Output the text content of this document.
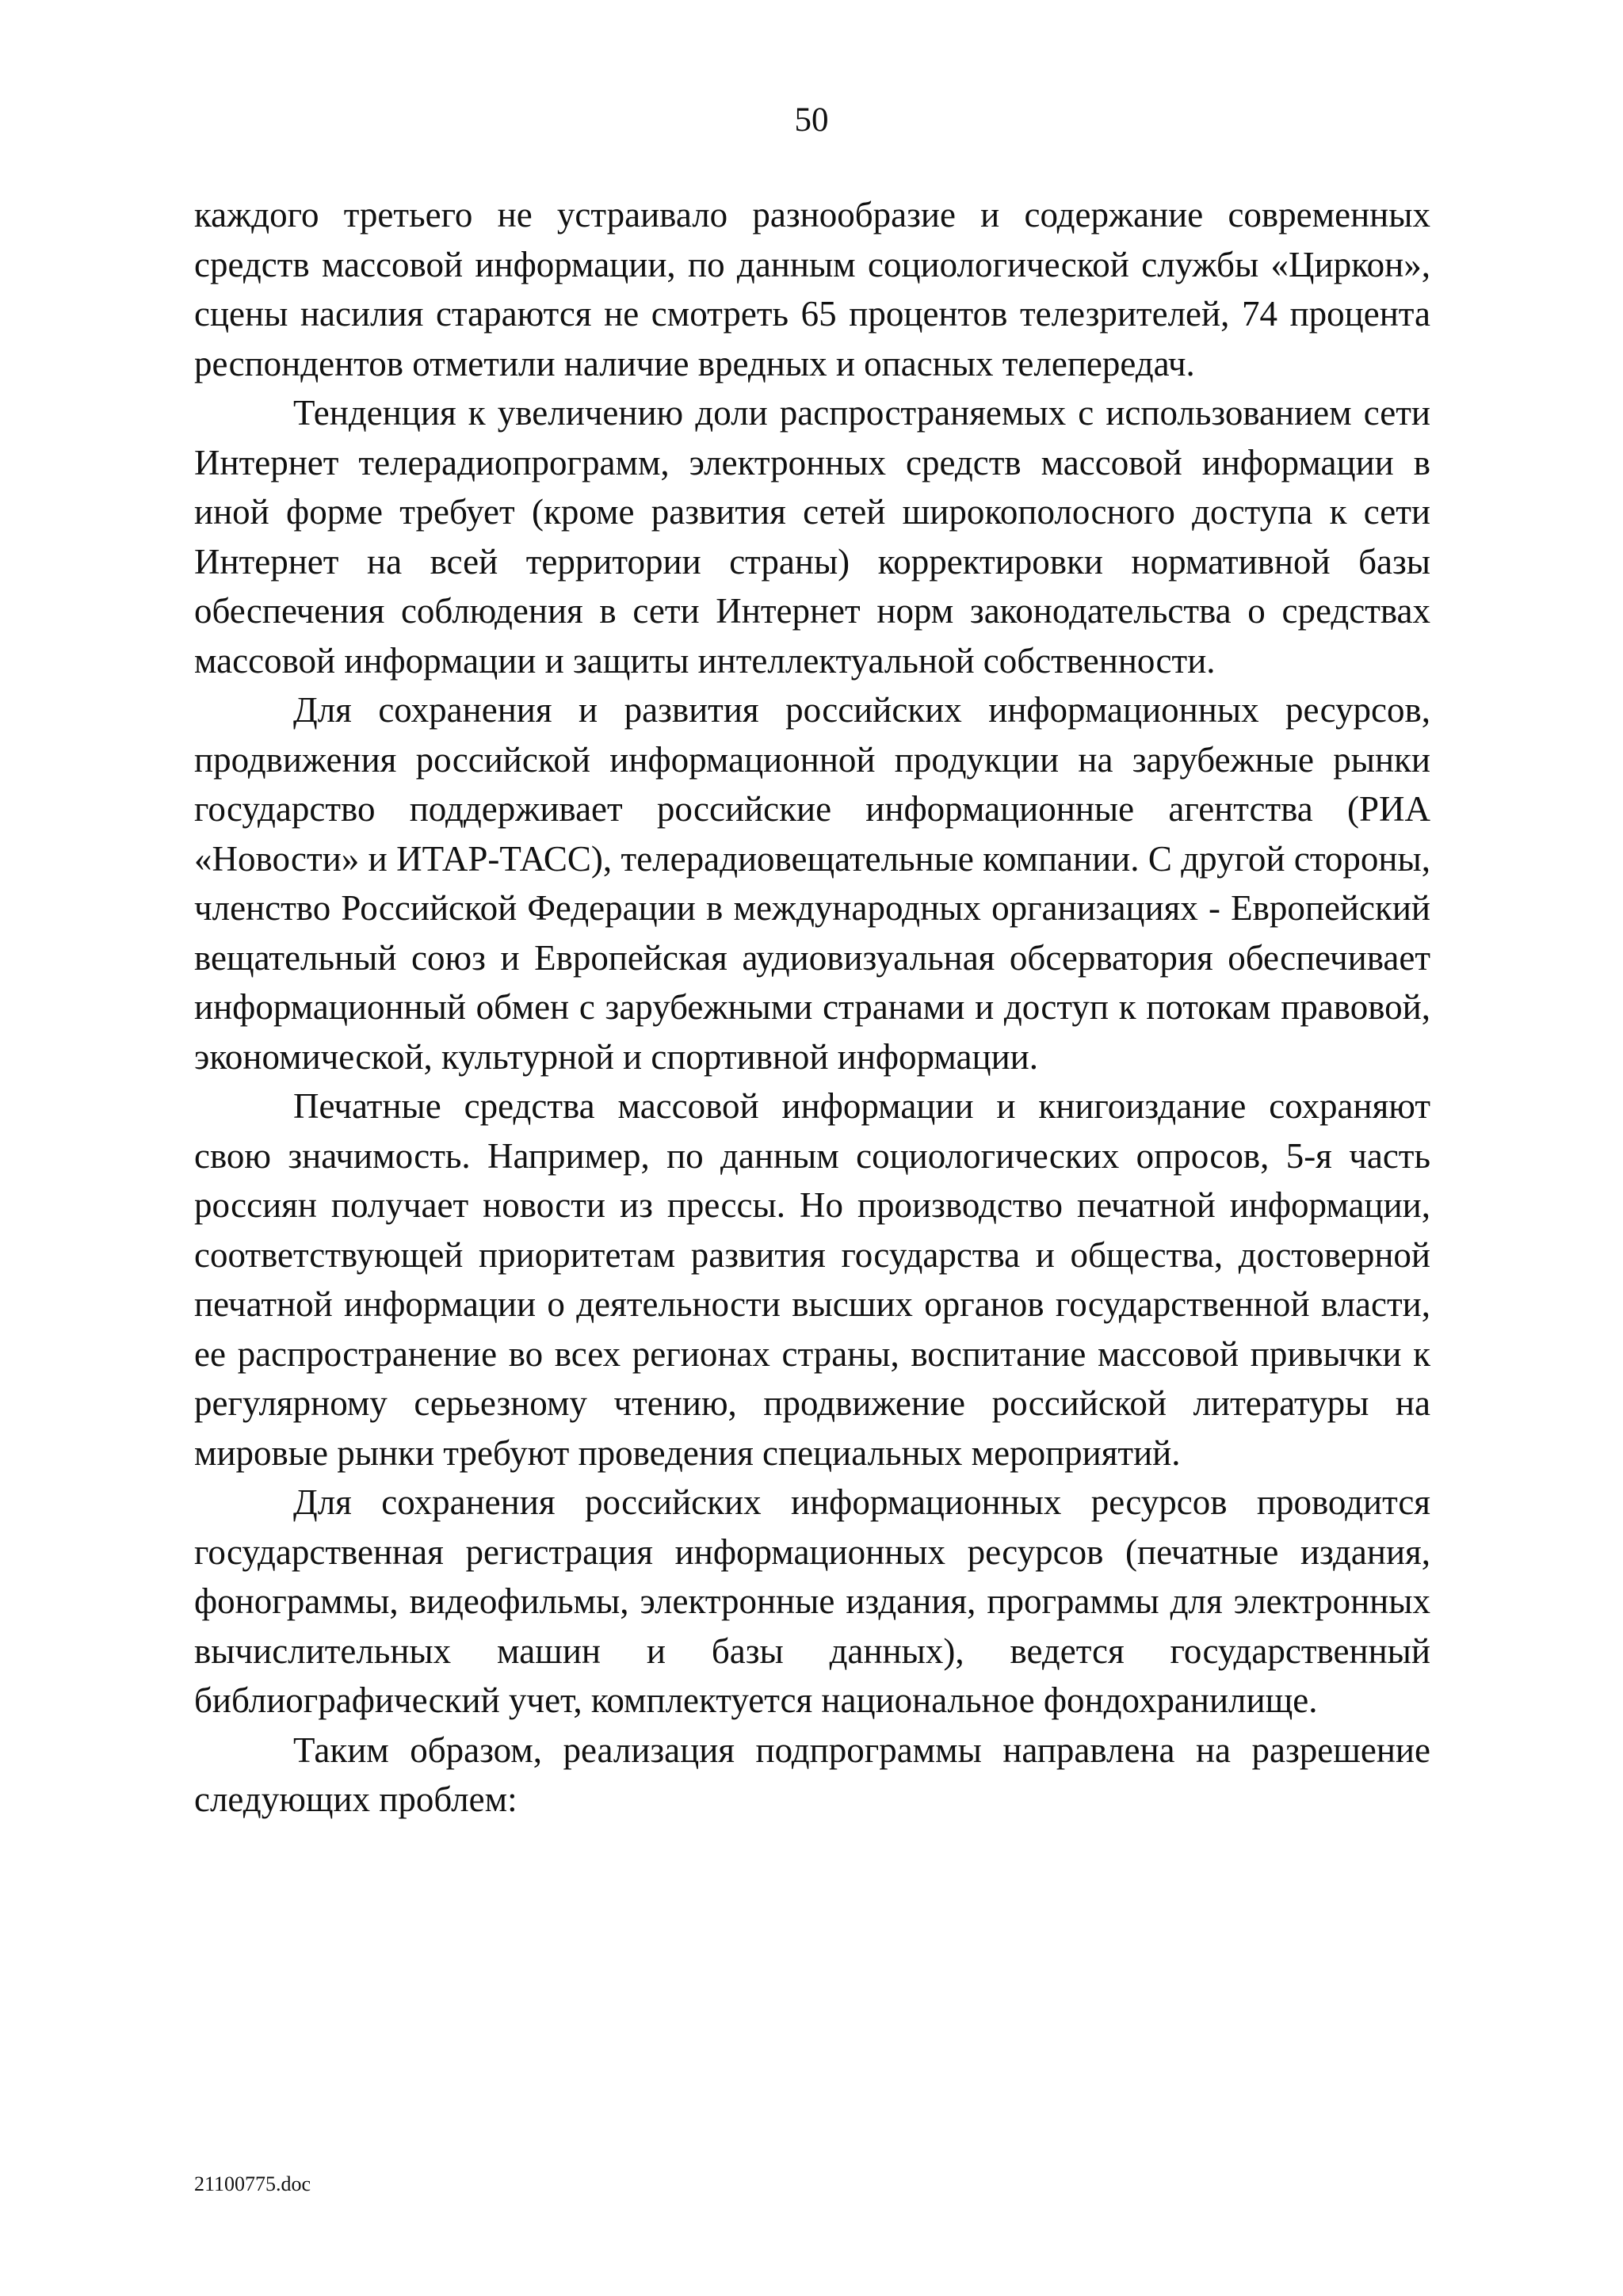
50

каждого третьего не устраивало разнообразие и содержание современных средств массовой информации, по данным социологической службы «Циркон», сцены насилия стараются не смотреть 65 процентов телезрителей, 74 процента респондентов отметили наличие вредных и опасных телепередач.

Тенденция к увеличению доли распространяемых с использованием сети Интернет телерадиопрограмм, электронных средств массовой информации в иной форме требует (кроме развития сетей широкополосного доступа к сети Интернет на всей территории страны) корректировки нормативной базы обеспечения соблюдения в сети Интернет норм законодательства о средствах массовой информации и защиты интеллектуальной собственности.

Для сохранения и развития российских информационных ресурсов, продвижения российской информационной продукции на зарубежные рынки государство поддерживает российские информационные агентства (РИА «Новости» и ИТАР-ТАСС), телерадиовещательные компании. С другой стороны, членство Российской Федерации в международных организациях - Европейский вещательный союз и Европейская аудиовизуальная обсерватория обеспечивает информационный обмен с зарубежными странами и доступ к потокам правовой, экономической, культурной и спортивной информации.

Печатные средства массовой информации и книгоиздание сохраняют свою значимость. Например, по данным социологических опросов, 5-я часть россиян получает новости из прессы. Но производство печатной информации, соответствующей приоритетам развития государства и общества, достоверной печатной информации о деятельности высших органов государственной власти, ее распространение во всех регионах страны, воспитание массовой привычки к регулярному серьезному чтению, продвижение российской литературы на мировые рынки требуют проведения специальных мероприятий.

Для сохранения российских информационных ресурсов проводится государственная регистрация информационных ресурсов (печатные издания, фонограммы, видеофильмы, электронные издания, программы для электронных вычислительных машин и базы данных), ведется государственный библиографический учет, комплектуется национальное фондохранилище.

Таким образом, реализация подпрограммы направлена на разрешение следующих проблем:

21100775.doc
